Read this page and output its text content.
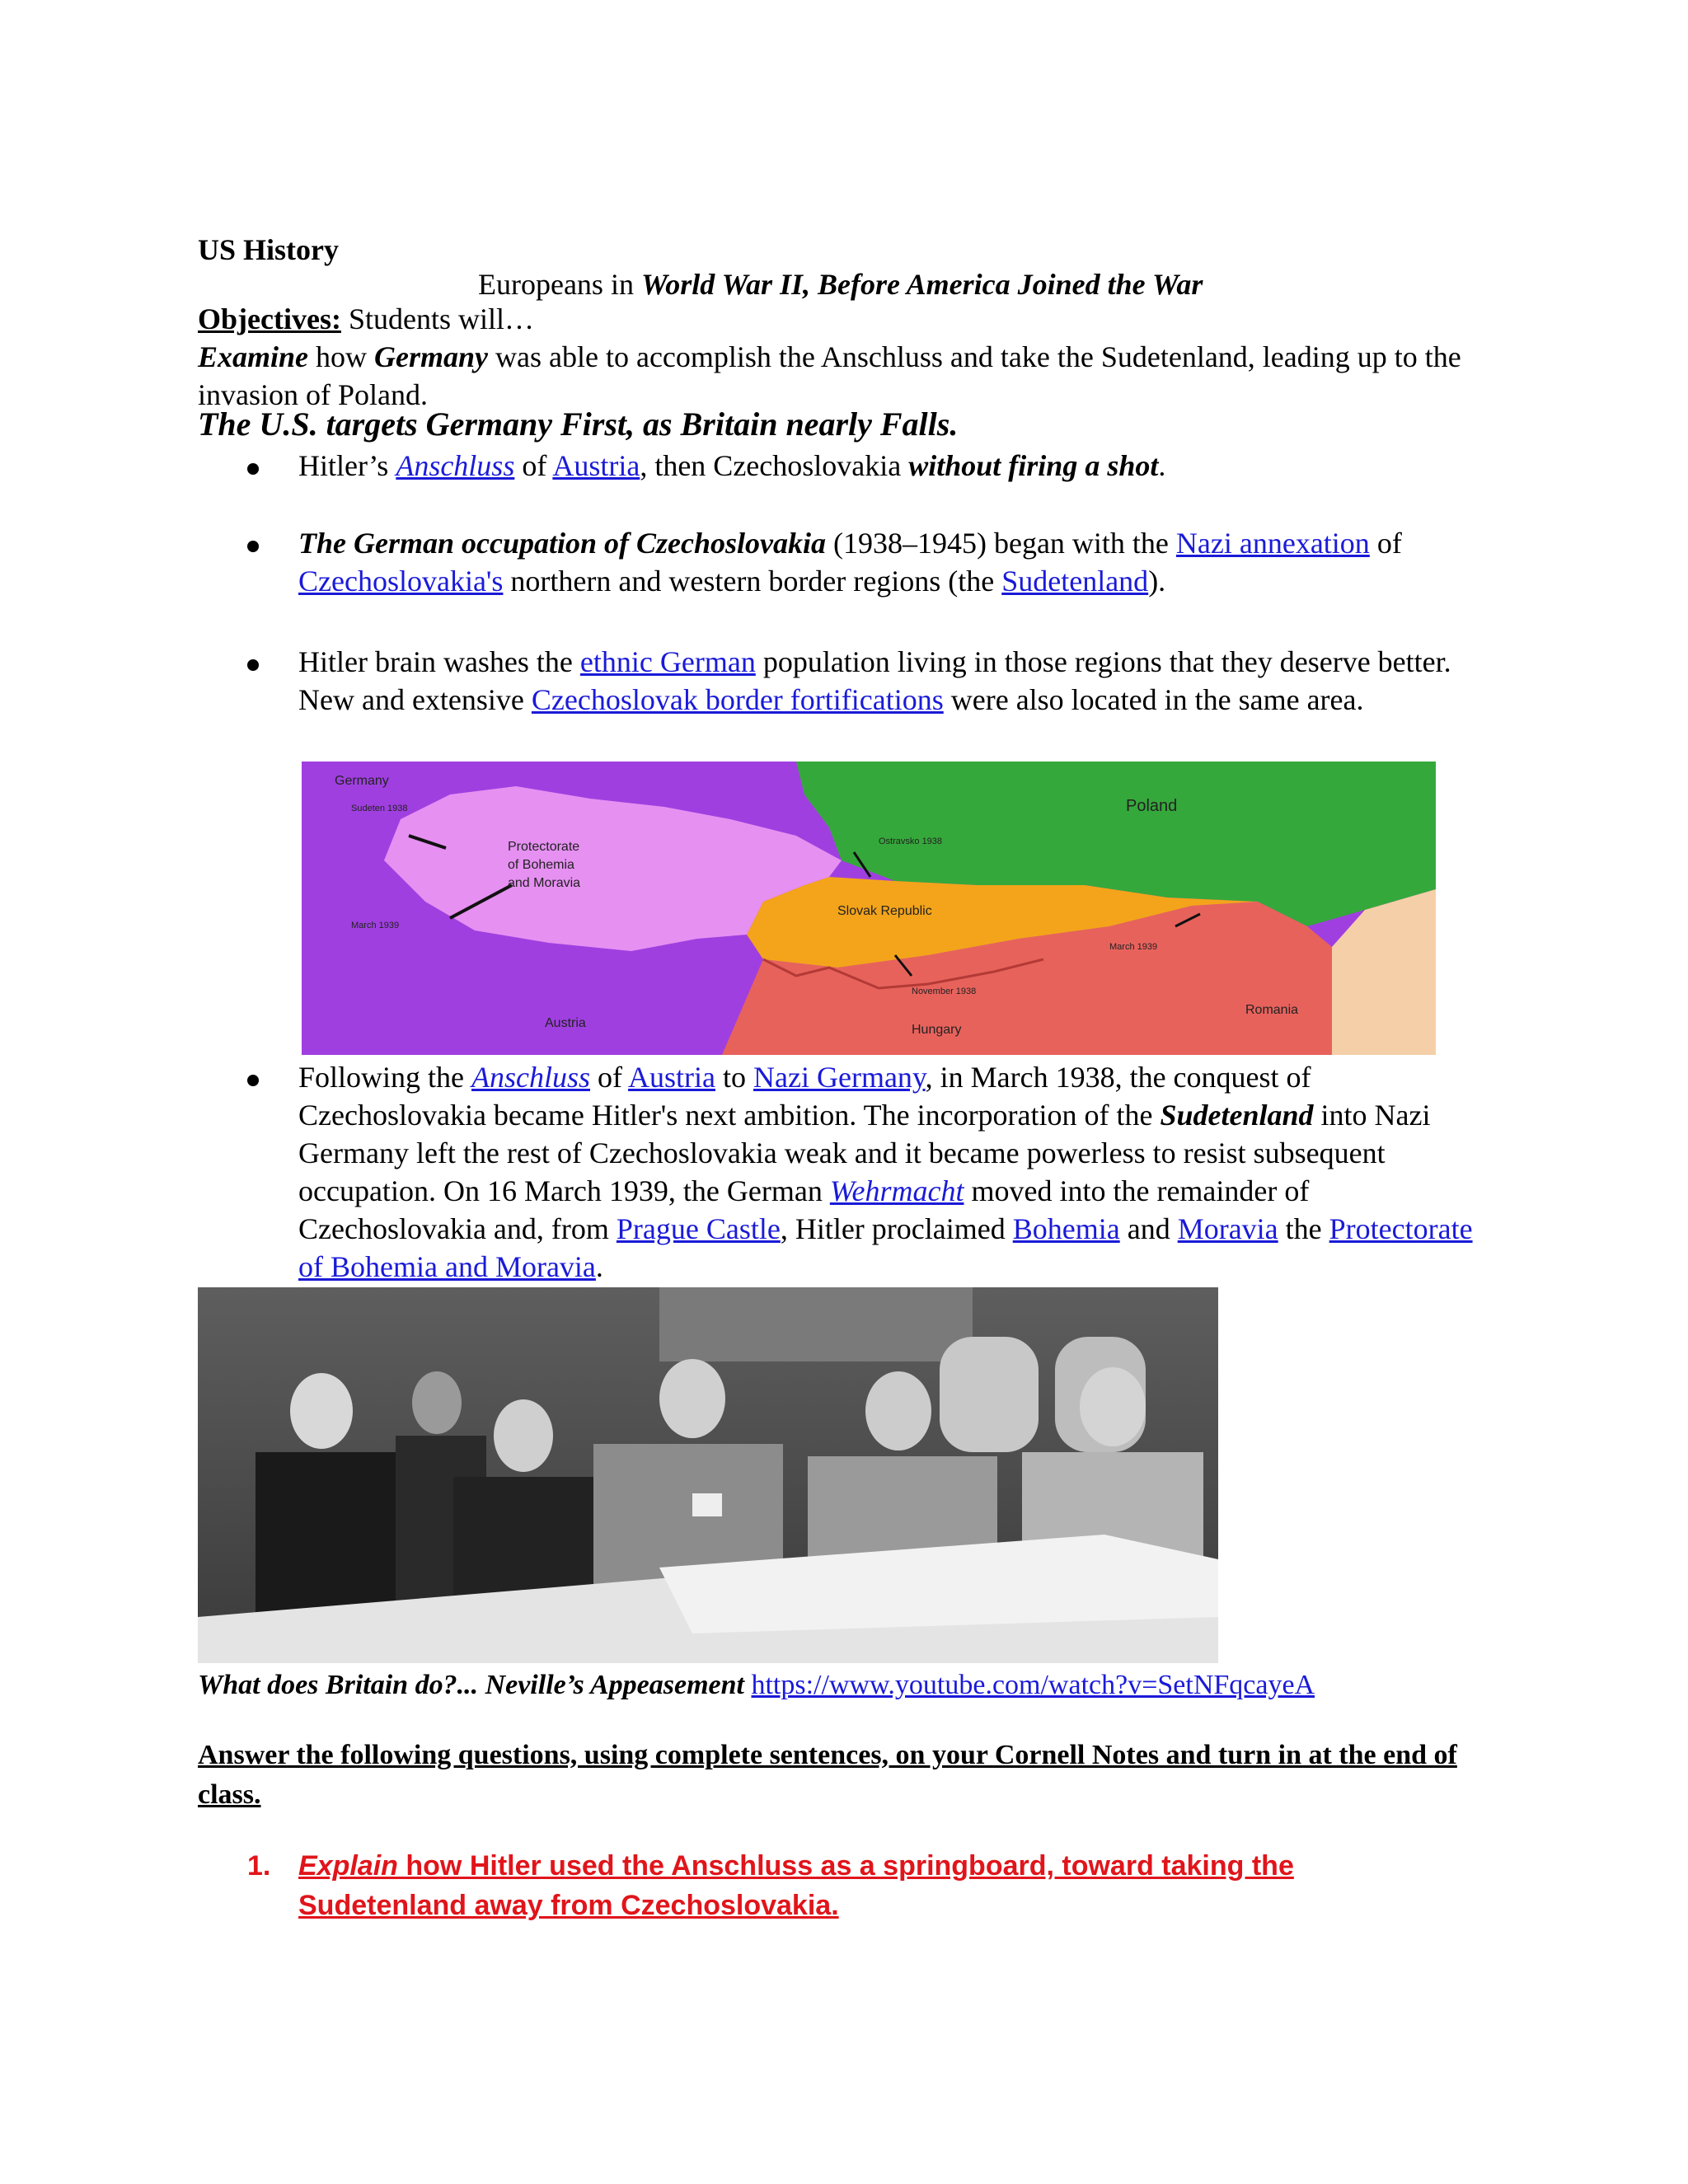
US History
Europeans in World War II, Before America Joined the War
Objectives: Students will…
Examine how Germany was able to accomplish the Anschluss and take the Sudetenland, leading up to the invasion of Poland.
The U.S. targets Germany First, as Britain nearly Falls.
Hitler’s Anschluss of Austria, then Czechoslovakia without firing a shot.
The German occupation of Czechoslovakia (1938–1945) began with the Nazi annexation of Czechoslovakia's northern and western border regions (the Sudetenland).
Hitler brain washes the ethnic German population living in those regions that they deserve better. New and extensive Czechoslovak border fortifications were also located in the same area.
Germany
Poland
Protectorate
of Bohemia
and Moravia
Slovak Republic
Austria	Hungary
Romania
Sudeten 1938
March 1939
Ostravsko 1938
March 1939
November 1938
Following the Anschluss of Austria to Nazi Germany, in March 1938, the conquest of Czechoslovakia became Hitler's next ambition. The incorporation of the Sudetenland into Nazi Germany left the rest of Czechoslovakia weak and it became powerless to resist subsequent occupation. On 16 March 1939, the German Wehrmacht moved into the remainder of Czechoslovakia and, from Prague Castle, Hitler proclaimed Bohemia and Moravia the Protectorate of Bohemia and Moravia.
What does Britain do?... Neville’s Appeasement https://www.youtube.com/watch?v=SetNFqcayeA
Answer the following questions, using complete sentences, on your Cornell Notes and turn in at the end of class.
1. Explain how Hitler used the Anschluss as a springboard, toward taking the Sudetenland away from Czechoslovakia.
